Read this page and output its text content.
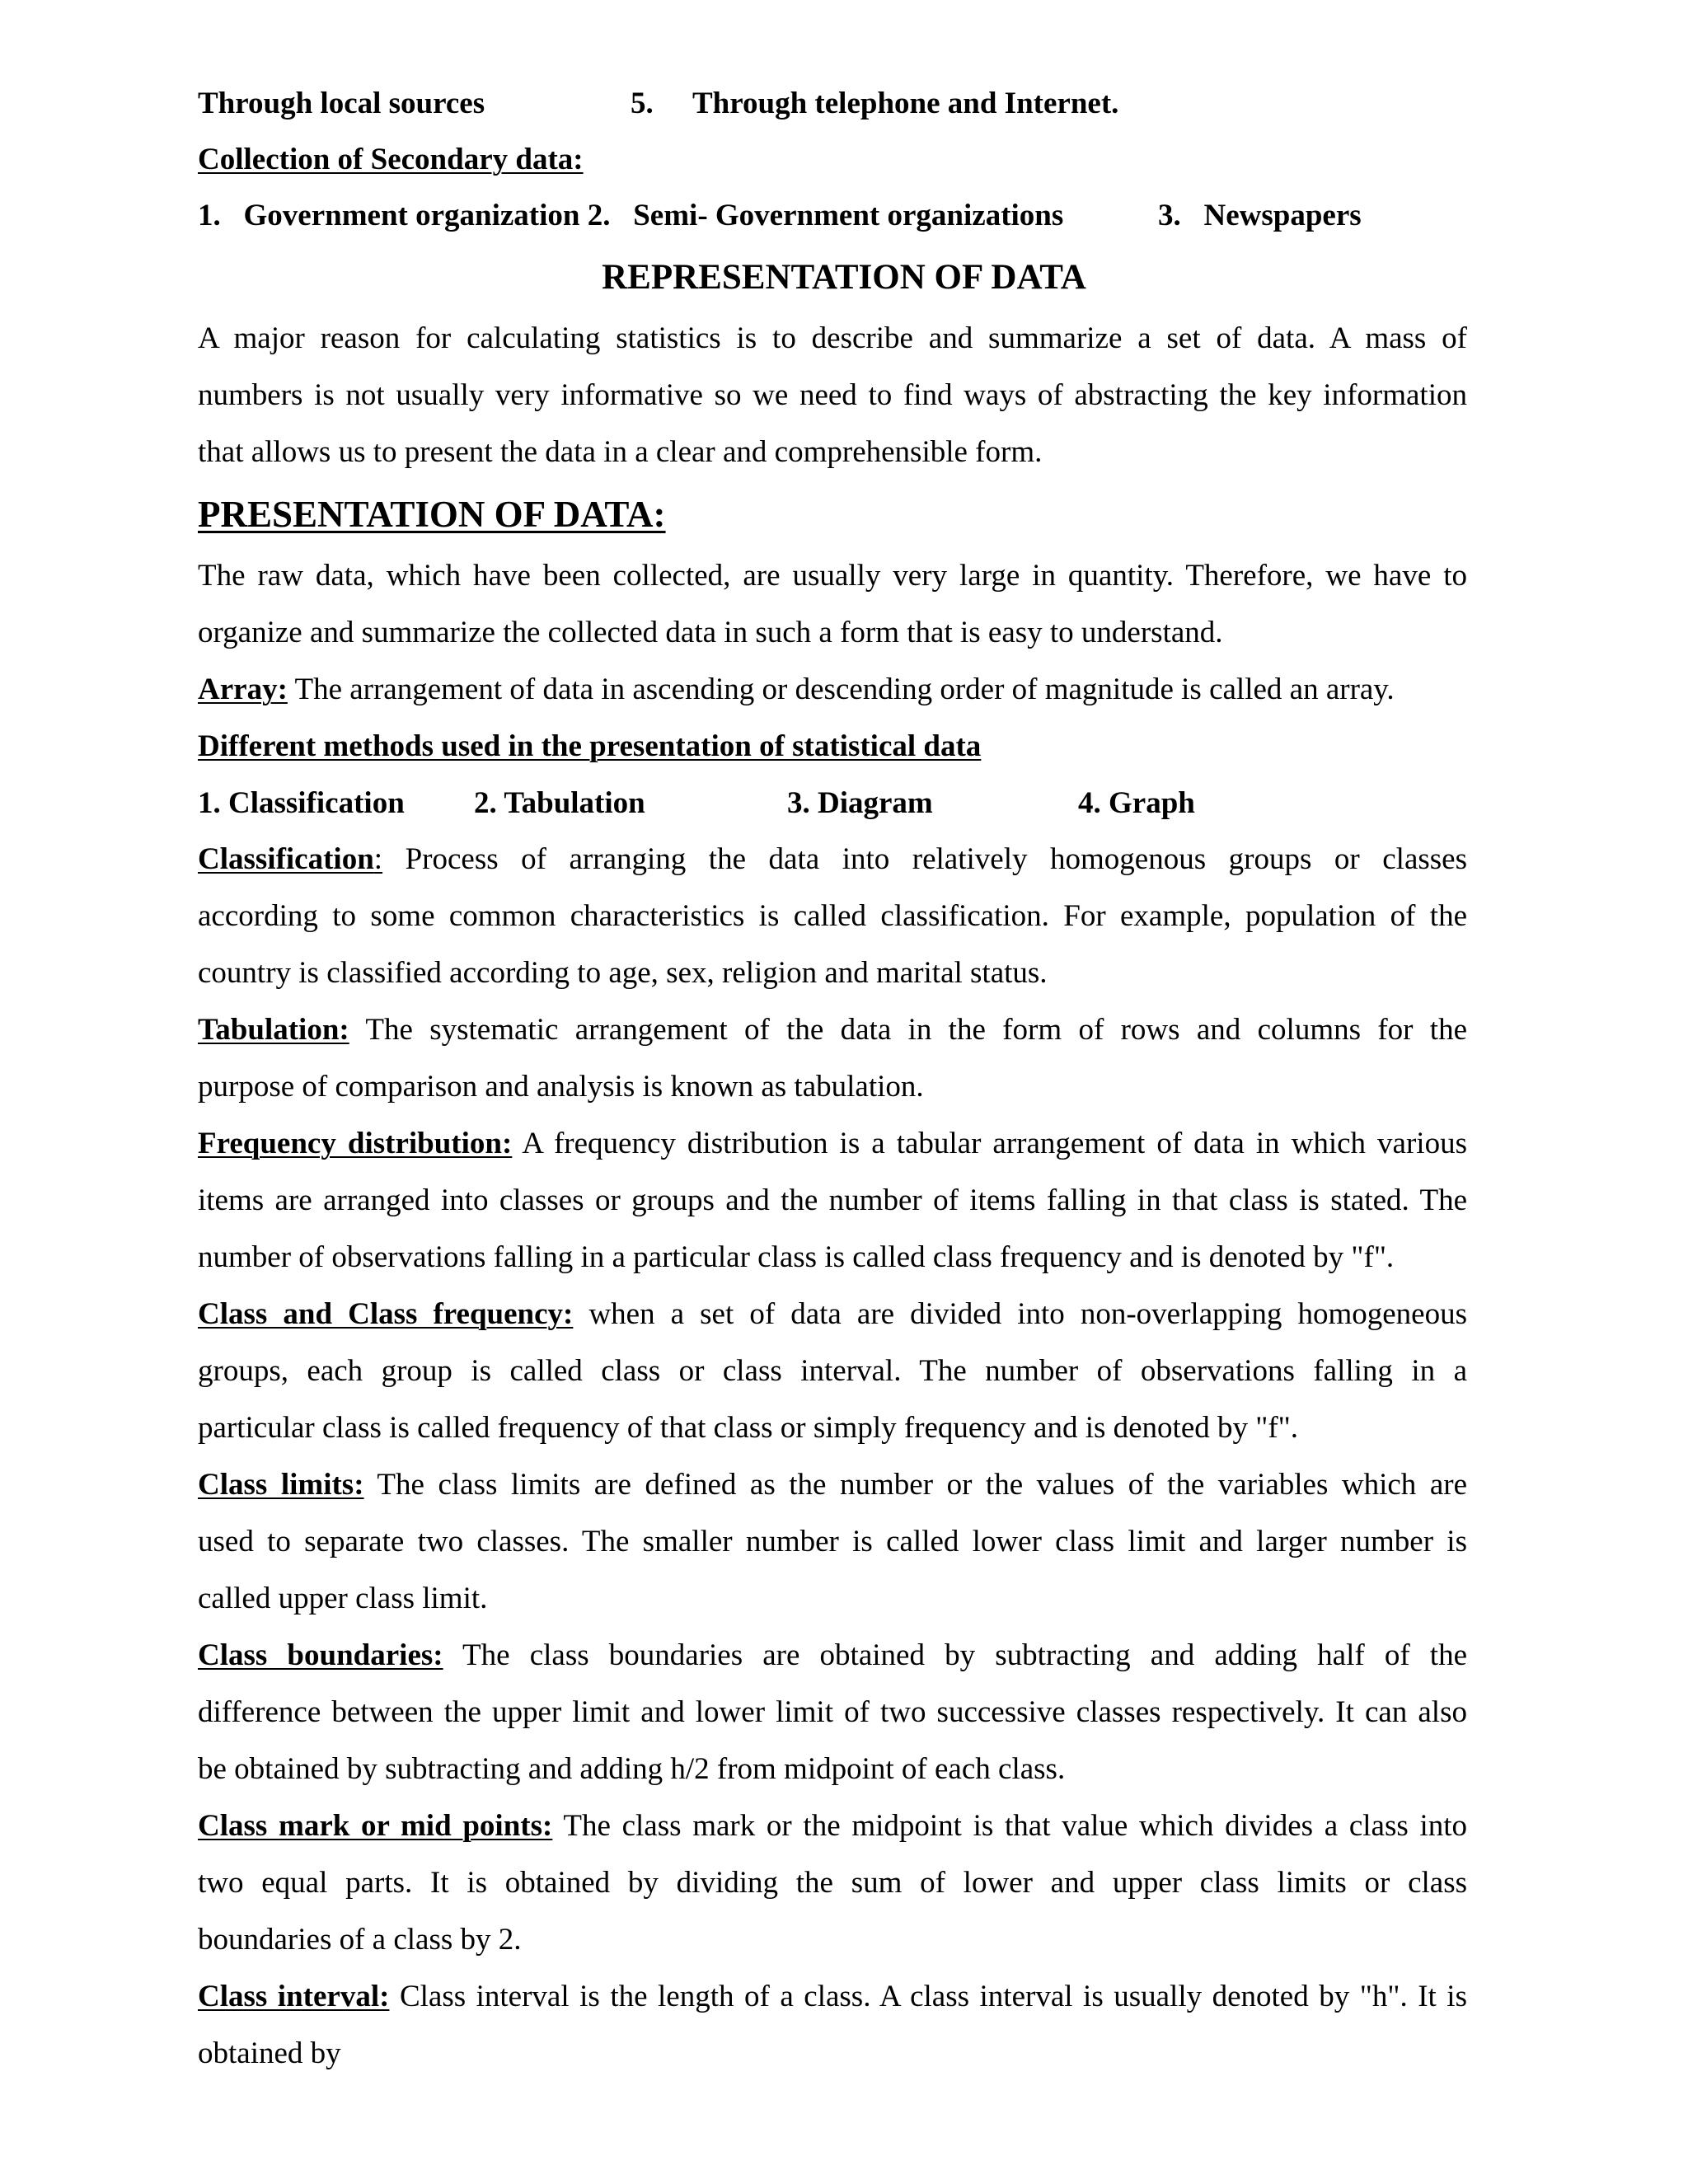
Through local sources	5. Through telephone and Internet.
Collection of Secondary data:
1.   Government organization 2.   Semi- Government organizations	3.   Newspapers
REPRESENTATION OF DATA
A major reason for calculating statistics is to describe and summarize a set of data. A mass of
numbers is not usually very informative so we need to find ways of abstracting the key information
that allows us to present the data in a clear and comprehensible form.
PRESENTATION OF DATA:
The raw data, which have been collected, are usually very large in quantity. Therefore, we have to
organize and summarize the collected data in such a form that is easy to understand.
Array: The arrangement of data in ascending or descending order of magnitude is called an array.
Different methods used in the presentation of statistical data
1. Classification 2. Tabulation	3. Diagram	4. Graph
Classification: Process of arranging the data into relatively homogenous groups or classes
according to some common characteristics is called classification. For example, population of the
country is classified according to age, sex, religion and marital status.
Tabulation: The systematic arrangement of the data in the form of rows and columns for the
purpose of comparison and analysis is known as tabulation.
Frequency distribution: A frequency distribution is a tabular arrangement of data in which various
items are arranged into classes or groups and the number of items falling in that class is stated. The
number of observations falling in a particular class is called class frequency and is denoted by "f".
Class and Class frequency: when a set of data are divided into non-overlapping homogeneous
groups, each group is called class or class interval. The number of observations falling in a
particular class is called frequency of that class or simply frequency and is denoted by "f".
Class limits: The class limits are defined as the number or the values of the variables which are
used to separate two classes. The smaller number is called lower class limit and larger number is
called upper class limit.
Class boundaries: The class boundaries are obtained by subtracting and adding half of the
difference between the upper limit and lower limit of two successive classes respectively. It can also
be obtained by subtracting and adding h/2 from midpoint of each class.
Class mark or mid points: The class mark or the midpoint is that value which divides a class into
two equal parts. It is obtained by dividing the sum of lower and upper class limits or class
boundaries of a class by 2.
Class interval: Class interval is the length of a class. A class interval is usually denoted by "h". It is
obtained by
